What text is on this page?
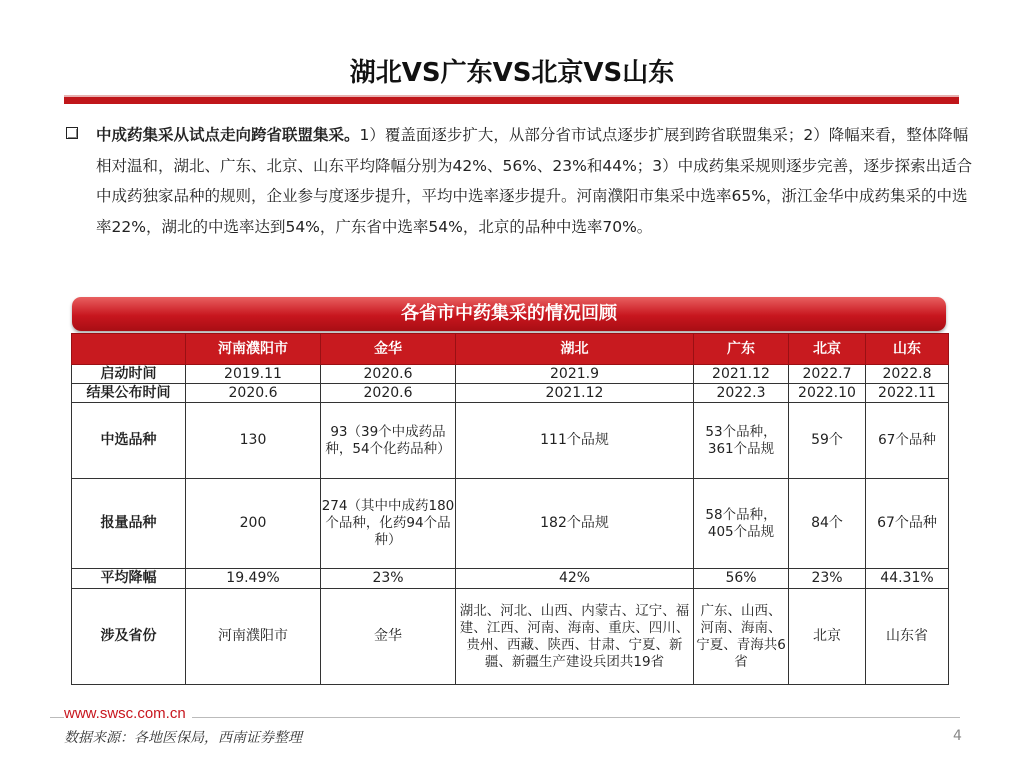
湖北VS广东VS北京VS山东
中成药集采从试点走向跨省联盟集采。1）覆盖面逐步扩大，从部分省市试点逐步扩展到跨省联盟集采；2）降幅来看，整体降幅相对温和，湖北、广东、北京、山东平均降幅分别为42%、56%、23%和44%；3）中成药集采规则逐步完善，逐步探索出适合中成药独家品种的规则，企业参与度逐步提升，平均中选率逐步提升。河南濮阳市集采中选率65%，浙江金华中成药集采的中选率22%，湖北的中选率达到54%，广东省中选率54%，北京的品种中选率70%。
各省市中药集采的情况回顾
	河南濮阳市	金华	湖北	广东	北京	山东
启动时间	2019.11	2020.6	2021.9	2021.12	2022.7	2022.8
结果公布时间	2020.6	2020.6	2021.12	2022.3	2022.10	2022.11
中选品种	130	93（39个中成药品种，54个化药品种）	111个品规	53个品种，361个品规	59个	67个品种
报量品种	200	274（其中中成药180个品种，化药94个品种）	182个品规	58个品种，405个品规	84个	67个品种
平均降幅	19.49%	23%	42%	56%	23%	44.31%
涉及省份	河南濮阳市	金华	湖北、河北、山西、内蒙古、辽宁、福建、江西、河南、海南、重庆、四川、贵州、西藏、陕西、甘肃、宁夏、新疆、新疆生产建设兵团共19省	广东、山西、河南、海南、宁夏、青海共6省	北京	山东省
www.swsc.com.cn
数据来源：各地医保局，西南证券整理	4
